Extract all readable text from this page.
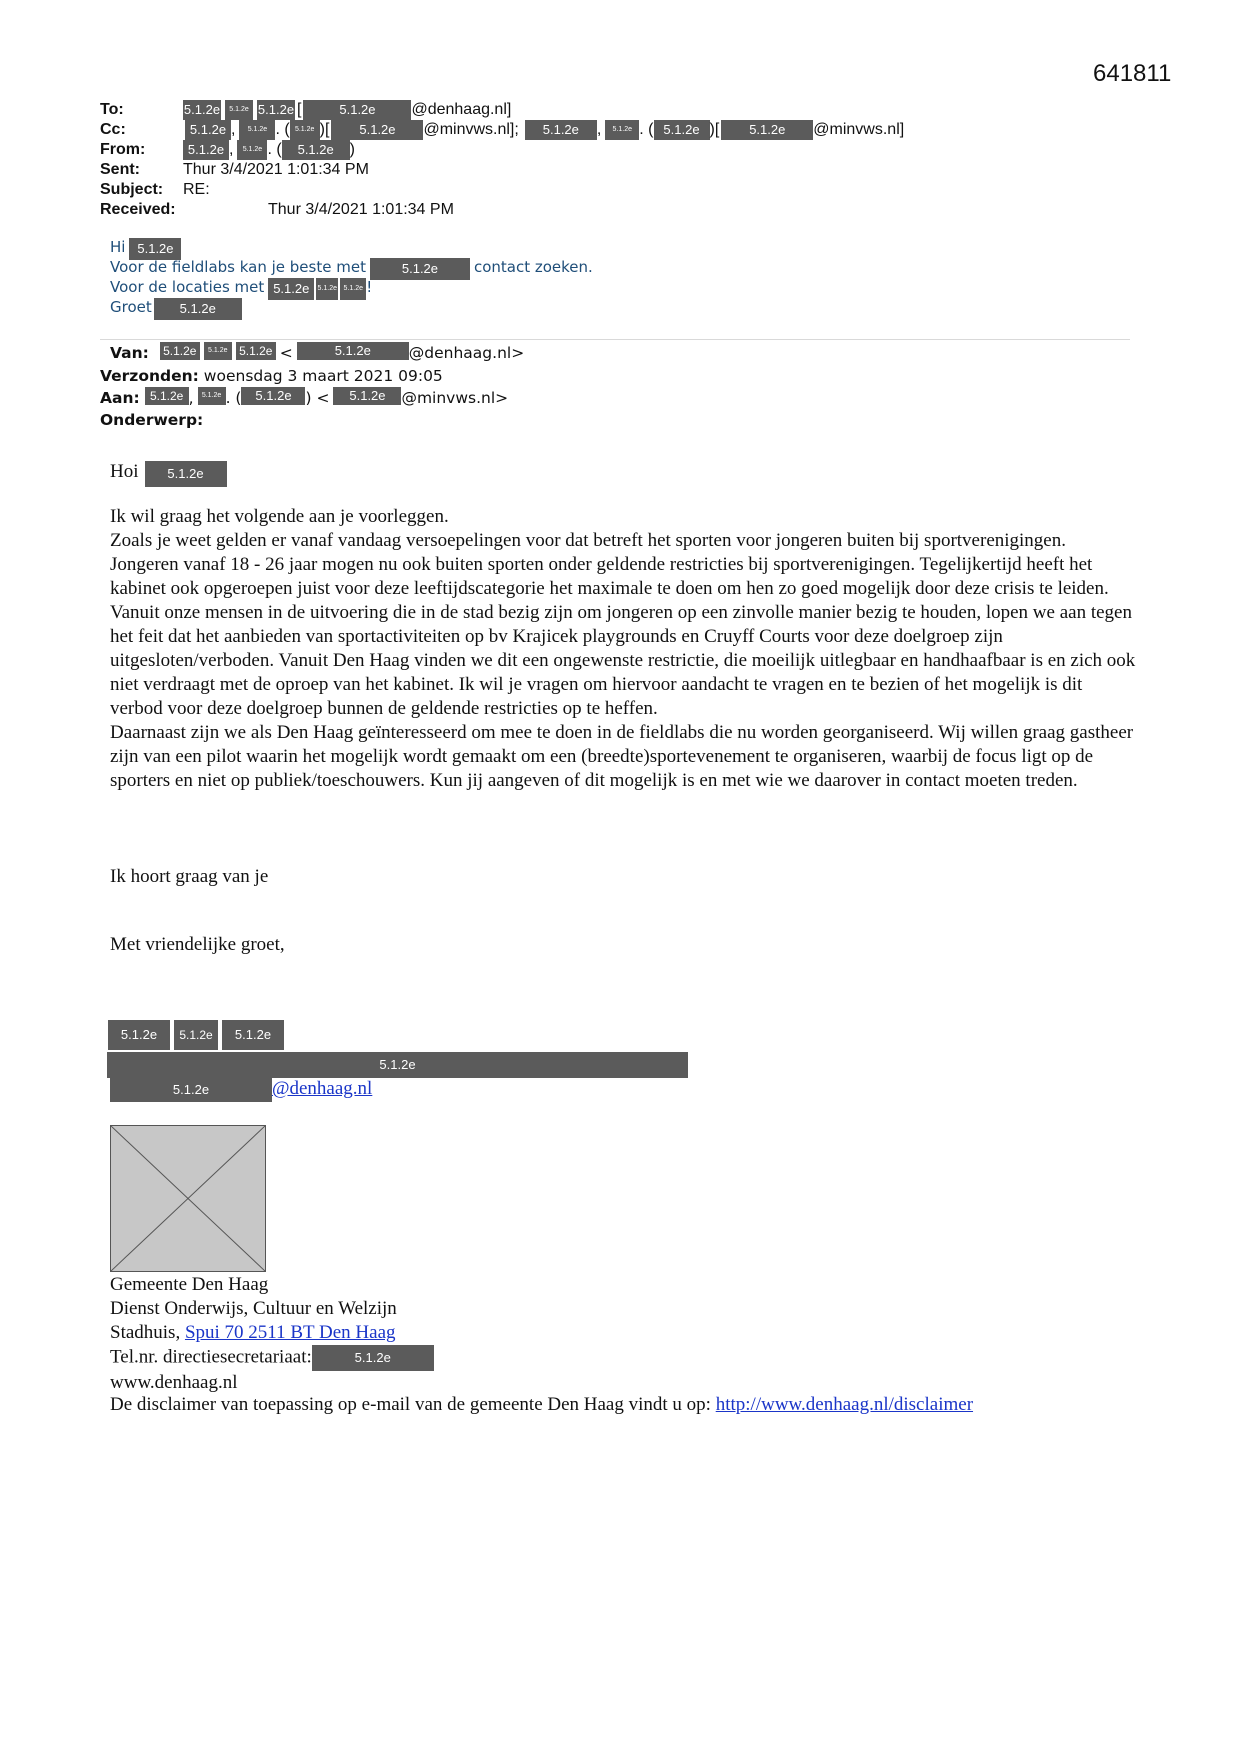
641811
To:	5.1.2e 5.1.2e 5.1.2e [	5.1.2e @denhaag.nl]
Cc:	5.1.2e , 5.1.2e . ( 5.1.2e )[ 5.1.2e @minvws.nl]; 5.1.2e , 5.1.2e . ( 5.1.2e )[ 5.1.2e @minvws.nl]
From:	5.1.2e , 5.1.2e . ( 5.1.2e )
Sent:	Thur 3/4/2021 1:01:34 PM
Subject: RE:
Received:	Thur 3/4/2021 1:01:34 PM
Hi 5.1.2e
Voor de fieldlabs kan je beste met	5.1.2e contact zoeken.
Voor de locaties met 5.1.2e 5.1.2e 5.1.2e !
Groet 5.1.2e
Van: 5.1.2e 5.1.2e 5.1.2e <	5.1.2e @denhaag.nl>
Verzonden: woensdag 3 maart 2021 09:05
Aan: 5.1.2e , 5.1.2e . ( 5.1.2e ) < 5.1.2e @minvws.nl>
Onderwerp:
Hoi 5.1.2e

Ik wil graag het volgende aan je voorleggen.
Zoals je weet gelden er vanaf vandaag versoepelingen voor dat betreft het sporten voor jongeren buiten bij sportverenigingen. Jongeren vanaf 18 - 26 jaar mogen nu ook buiten sporten onder geldende restricties bij sportverenigingen. Tegelijkertijd heeft het kabinet ook opgeroepen juist voor deze leeftijdscategorie het maximale te doen om hen zo goed mogelijk door deze crisis te leiden. Vanuit onze mensen in de uitvoering die in de stad bezig zijn om jongeren op een zinvolle manier bezig te houden, lopen we aan tegen het feit dat het aanbieden van sportactiviteiten op bv Krajicek playgrounds en Cruyff Courts voor deze doelgroep zijn uitgesloten/verboden. Vanuit Den Haag vinden we dit een ongewenste restrictie, die moeilijk uitlegbaar en handhaafbaar is en zich ook niet verdraagt met de oproep van het kabinet. Ik wil je vragen om hiervoor aandacht te vragen en te bezien of het mogelijk is dit verbod voor deze doelgroep bunnen de geldende restricties op te heffen.

Daarnaast zijn we als Den Haag geïnteresseerd om mee te doen in de fieldlabs die nu worden georganiseerd. Wij willen graag gastheer zijn van een pilot waarin het mogelijk wordt gemaakt om een (breedte)sportevenement te organiseren, waarbij de focus ligt op de sporters en niet op publiek/toeschouwers. Kun jij aangeven of dit mogelijk is en met wie we daarover in contact moeten treden.

Ik hoort graag van je
Met vriendelijke groet,
5.1.2e 5.1.2e 5.1.2e
5.1.2e
5.1.2e	@denhaag.nl
Gemeente Den Haag
Dienst Onderwijs, Cultuur en Welzijn
Stadhuis, Spui 70 2511 BT Den Haag
Tel.nr. directiesecretariaat:	5.1.2e
www.denhaag.nl
De disclaimer van toepassing op e-mail van de gemeente Den Haag vindt u op: http://www.denhaag.nl/disclaimer
